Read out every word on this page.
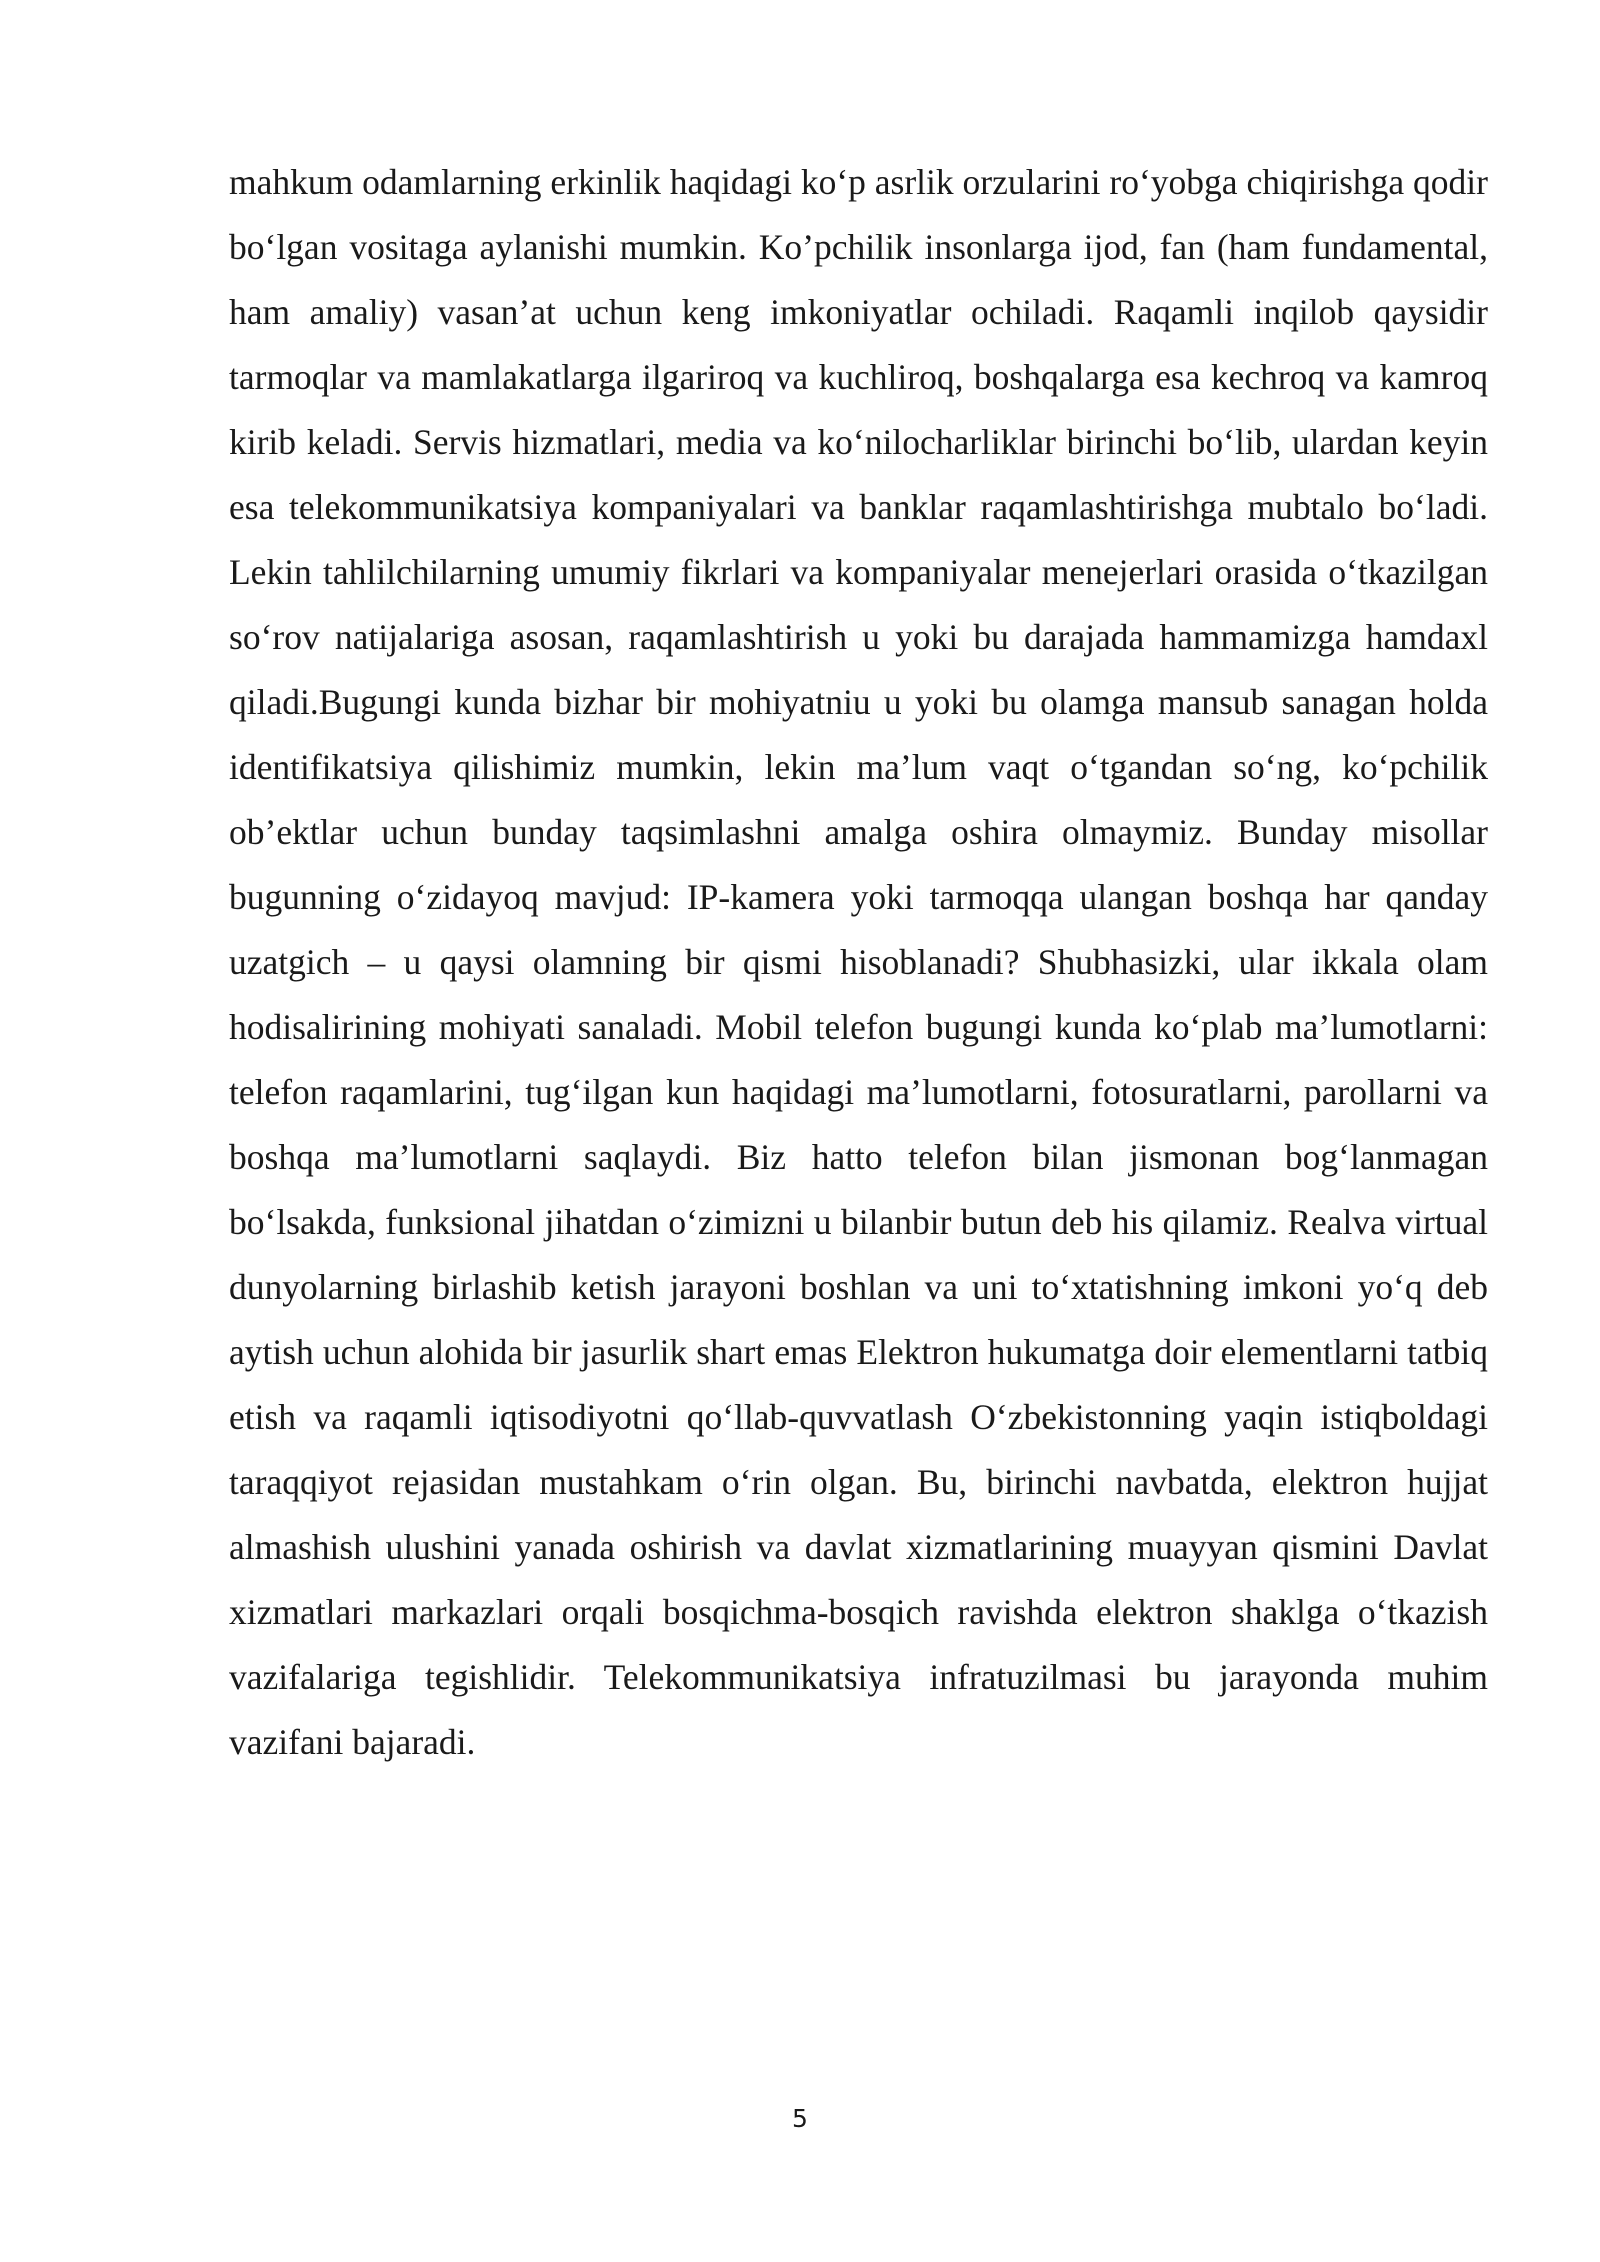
mahkum odamlarning erkinlik haqidagi ko‘p asrlik orzularini ro‘yobga chiqirishga qodir bo‘lgan vositaga aylanishi mumkin. Ko’pchilik insonlarga ijod, fan (ham fundamental, ham amaliy) vasan’at uchun keng imkoniyatlar ochiladi. Raqamli inqilob qaysidir tarmoqlar va mamlakatlarga ilgariroq va kuchliroq, boshqalarga esa kechroq va kamroq kirib keladi. Servis hizmatlari, media va ko‘nilocharliklar birinchi bo‘lib, ulardan keyin esa telekommunikatsiya kompaniyalari va banklar raqamlashtirishga mubtalo bo‘ladi. Lekin tahlilchilarning umumiy fikrlari va kompaniyalar menejerlari orasida o‘tkazilgan so‘rov natijalariga asosan, raqamlashtirish u yoki bu darajada hammamizga hamdaxl qiladi.Bugungi kunda bizhar bir mohiyatniu u yoki bu olamga mansub sanagan holda identifikatsiya qilishimiz mumkin, lekin ma’lum vaqt o‘tgandan so‘ng, ko‘pchilik ob’ektlar uchun bunday taqsimlashni amalga oshira olmaymiz. Bunday misollar bugunning o‘zidayoq mavjud: IP-kamera yoki tarmoqqa ulangan boshqa har qanday uzatgich – u qaysi olamning bir qismi hisoblanadi? Shubhasizki, ular ikkala olam hodisalirining mohiyati sanaladi. Mobil telefon bugungi kunda ko‘plab ma’lumotlarni: telefon raqamlarini, tug‘ilgan kun haqidagi ma’lumotlarni, fotosuratlarni, parollarni va boshqa ma’lumotlarni saqlaydi. Biz hatto telefon bilan jismonan bog‘lanmagan bo‘lsakda, funksional jihatdan o‘zimizni u bilanbir butun deb his qilamiz. Realva virtual dunyolarning birlashib ketish jarayoni boshlan va uni to‘xtatishning imkoni yo‘q deb aytish uchun alohida bir jasurlik shart emas Elektron hukumatga doir elementlarni tatbiq etish va raqamli iqtisodiyotni qo‘llab-quvvatlash O‘zbekistonning yaqin istiqboldagi taraqqiyot rejasidan mustahkam o‘rin olgan. Bu, birinchi navbatda, elektron hujjat almashish ulushini yanada oshirish va davlat xizmatlarining muayyan qismini Davlat xizmatlari markazlari orqali bosqichma-bosqich ravishda elektron shaklga o‘tkazish vazifalariga tegishlidir. Telekommunikatsiya infratuzilmasi bu jarayonda muhim vazifani bajaradi.

5
